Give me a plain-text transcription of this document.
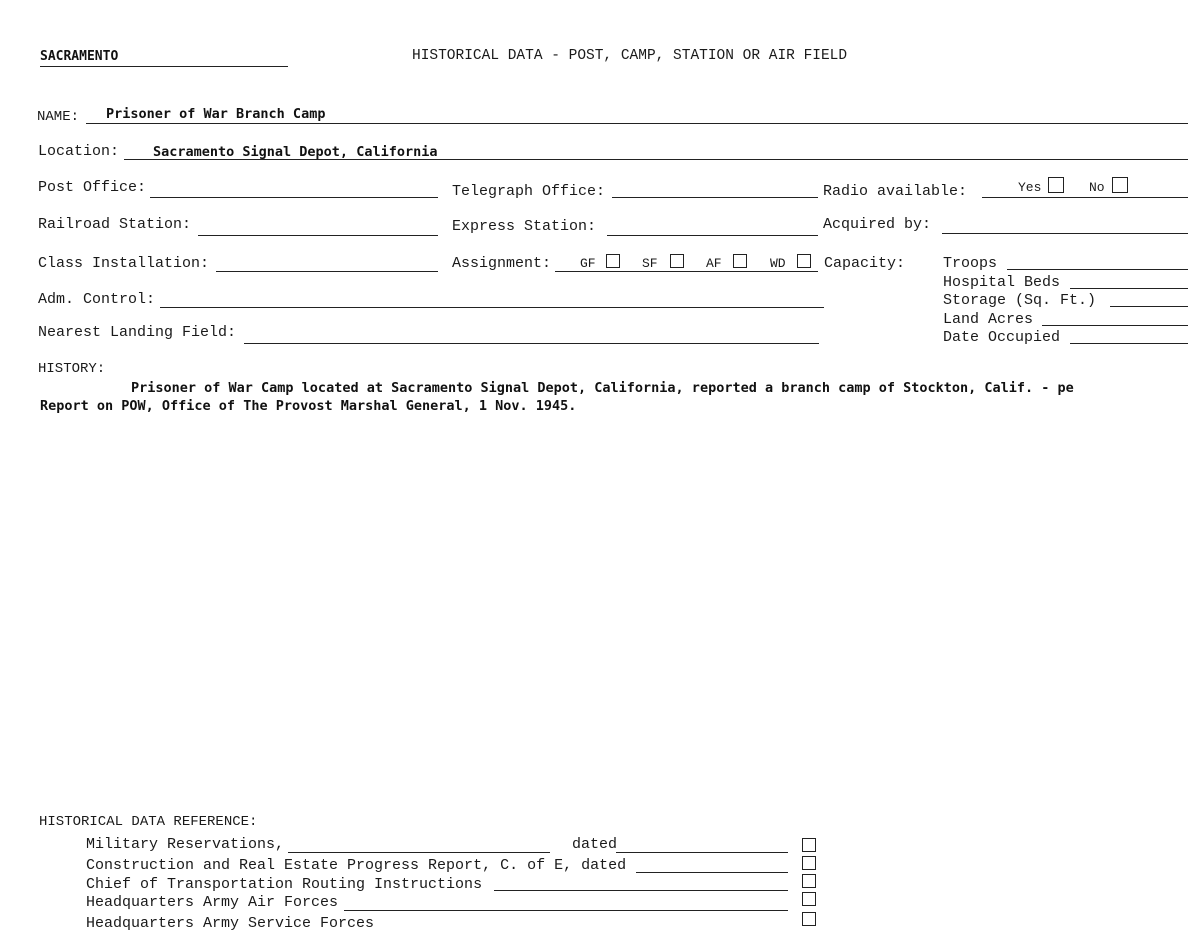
SACRAMENTO	HISTORICAL DATA - POST, CAMP, STATION OR AIR FIELD
NAME: Prisoner of War Branch Camp
Location:	Sacramento Signal Depot, California
Post Office:	Telegraph Office:	Radio available:	Yes	No
Railroad Station:	Express Station:	Acquired by:
Class Installation:	Assignment: GF	SF	AF	WD	Capacity:	Troops
Hospital Beds
Storage (Sq. Ft.)
Land Acres
Date Occupied
Adm. Control:
Nearest Landing Field:
HISTORY:
Prisoner of War Camp located at Sacramento Signal Depot, California, reported a branch camp of Stockton, Calif. - pe
Report on POW, Office of The Provost Marshal General, 1 Nov. 1945.
HISTORICAL DATA REFERENCE:
Military Reservations,	dated
Construction and Real Estate Progress Report, C. of E, dated
Chief of Transportation Routing Instructions
Headquarters Army Air Forces
Headquarters Army Service Forces
